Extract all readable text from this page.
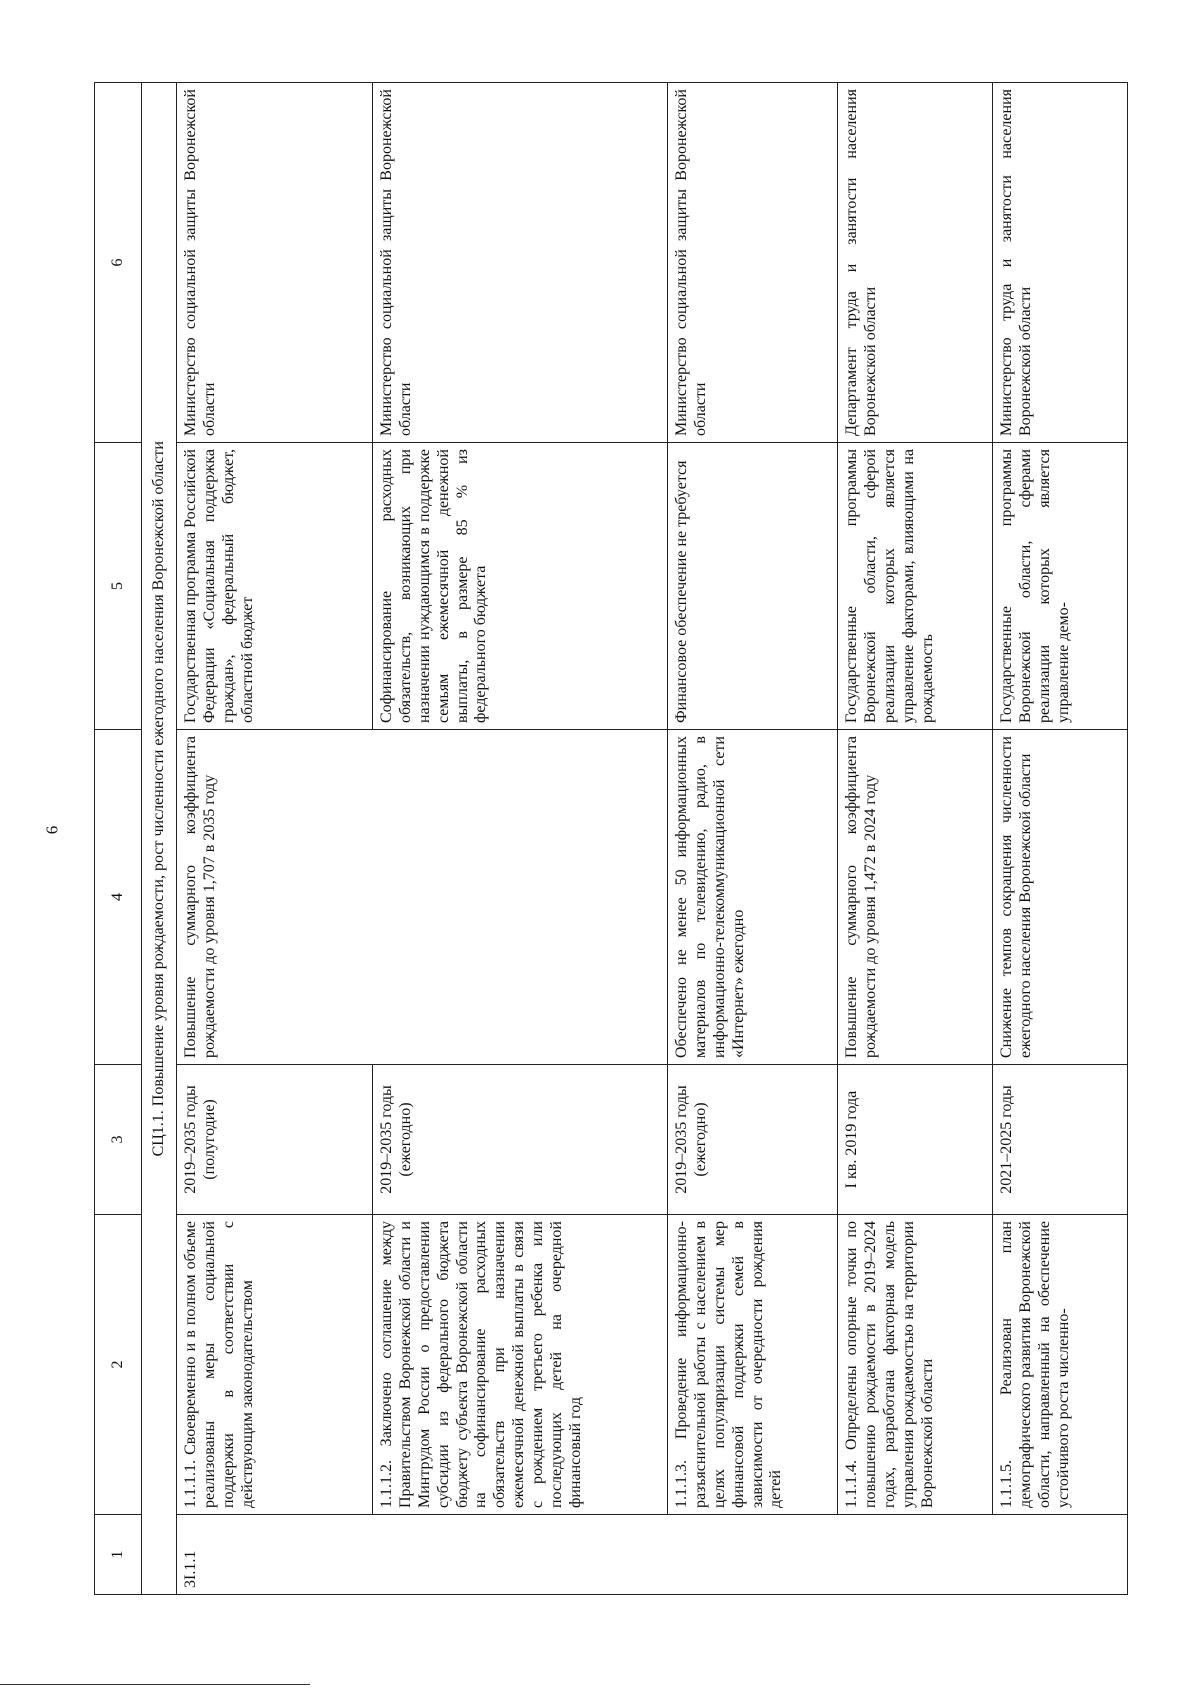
6
1	2	3	4	5	6
	СЦ1.1. Повышение уровня рождаемости, рост численности ежегодного населения Воронежской области				
3І.1.1	1.1.1.1. Своевременно и в полном объеме реализованы меры социальной поддержки в соответствии с действующим законодательством	2019–2035 годы (полугодие)	Повышение суммарного коэффициента рождаемости до уровня 1,707 в 2035 году	Государственная программа Российской Федерации «Социальная поддержка граждан», федеральный бюджет, областной бюджет	Министерство социальной защиты Воронежской области
	1.1.1.2. Заключено соглашение между Правительством Воронежской области и Минтрудом России о предоставлении субсидии из федерального бюджета бюджету субъекта Воронежской области на софинансирование расходных обязательств при назначении ежемесячной денежной выплаты в связи с рождением третьего ребенка или последующих детей на очередной финансовый год	2019–2035 годы (ежегодно)		Софинансирование расходных обязательств, возникающих при назначении нуждающимся в поддержке семьям ежемесячной денежной выплаты, в размере 85 % из федерального бюджета	Министерство социальной защиты Воронежской области
	1.1.1.3. Проведение информационно-разъяснительной работы с населением в целях популяризации системы мер финансовой поддержки семей в зависимости от очередности рождения детей	2019–2035 годы (ежегодно)	Обеспечено не менее 50 информационных материалов по телевидению, радио, в информационно-телекоммуникационной сети «Интернет» ежегодно	Финансовое обеспечение не требуется	Министерство социальной защиты Воронежской области
	1.1.1.4. Определены опорные точки по повышению рождаемости в 2019–2024 годах, разработана факторная модель управления рождаемостью на территории Воронежской области	I кв. 2019 года	Повышение суммарного коэффициента рождаемости до уровня 1,472 в 2024 году	Государственные программы Воронежской области, сферой реализации которых является управление факторами, влияющими на рождаемость	Департамент труда и занятости населения Воронежской области
	1.1.1.5. Реализован план демографического развития Воронежской области, направленный на обеспечение устойчивого роста численно-	2021–2025 годы	Снижение темпов сокращения численности ежегодного населения Воронежской области	Государственные программы Воронежской области, сферами реализации которых является управление демо-	Министерство труда и занятости населения Воронежской области
